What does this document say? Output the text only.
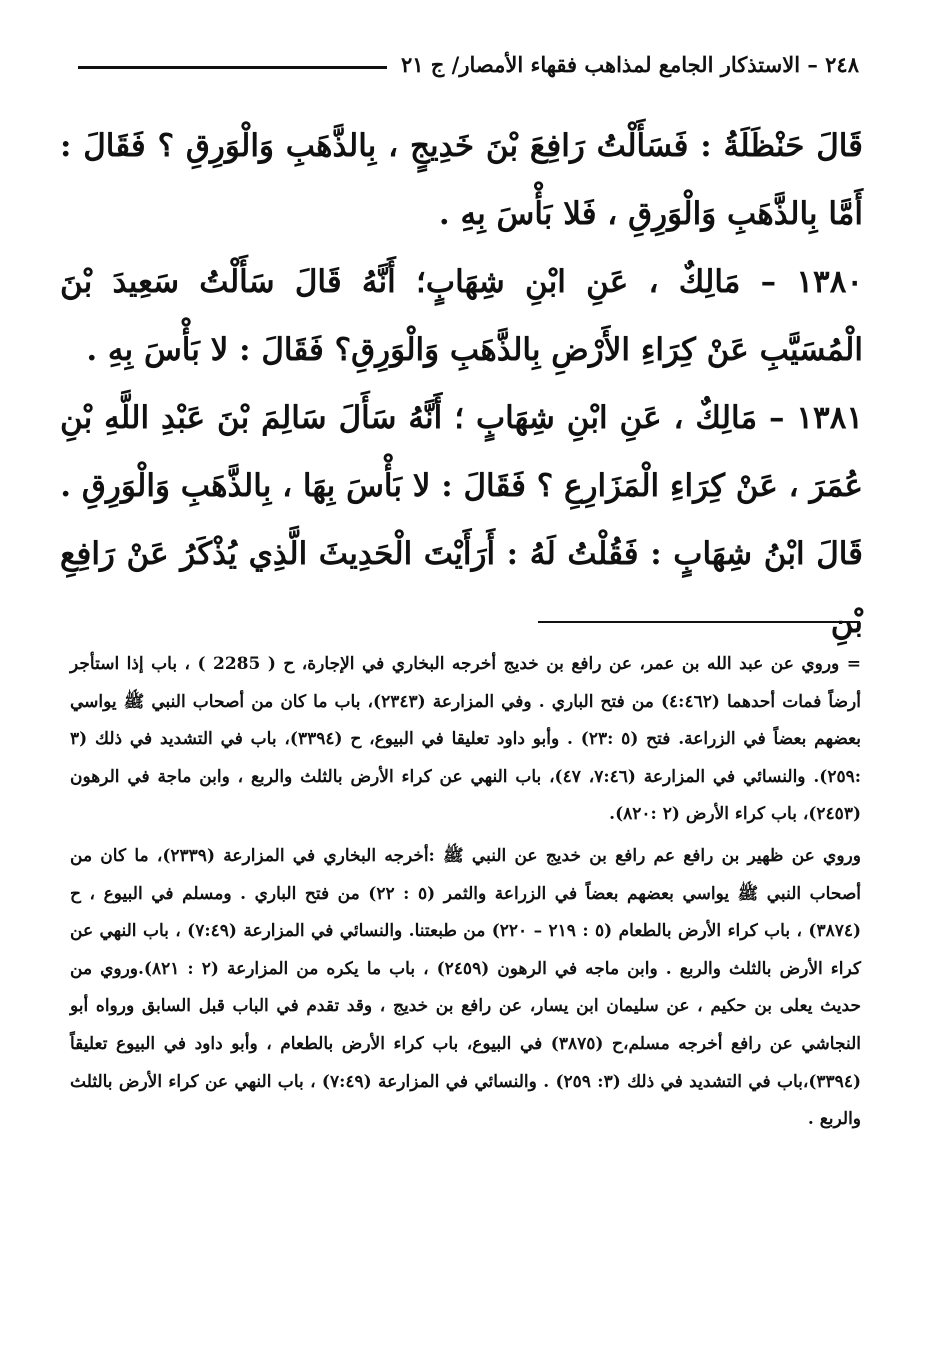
٢٤٨ – الاستذكار الجامع لمذاهب فقهاء الأمصار/ ج ٢١

قَالَ حَنْظَلَةُ : فَسَأَلْتُ رَافِعَ بْنَ خَدِيجٍ ، بِالذَّهَبِ وَالْوَرِقِ ؟ فَقَالَ : أَمَّا بِالذَّهَبِ وَالْوَرِقِ ، فَلا بَأْسَ بِهِ .

١٣٨٠ – مَالِكٌ ، عَنِ ابْنِ شِهَابٍ؛ أَنَّهُ قَالَ سَأَلْتُ سَعِيدَ بْنَ الْمُسَيَّبِ عَنْ كِرَاءِ الأَرْضِ بِالذَّهَبِ وَالْوَرِقِ؟ فَقَالَ : لا بَأْسَ بِهِ .

١٣٨١ – مَالِكٌ ، عَنِ ابْنِ شِهَابٍ ؛ أَنَّهُ سَأَلَ سَالِمَ بْنَ عَبْدِ اللَّهِ بْنِ عُمَرَ ، عَنْ كِرَاءِ الْمَزَارِعِ ؟ فَقَالَ : لا بَأْسَ بِهَا ، بِالذَّهَبِ وَالْوَرِقِ .

قَالَ ابْنُ شِهَابٍ : فَقُلْتُ لَهُ : أَرَأَيْتَ الْحَدِيثَ الَّذِي يُذْكَرُ عَنْ رَافِعِ بْنِ

= وروي عن عبد الله بن عمر، عن رافع بن خديج أخرجه البخاري في الإجارة، ح ( 2285 ) ، باب إذا استأجر أرضاً فمات أحدهما (٤:٤٦٢) من فتح الباري . وفي المزارعة (٢٣٤٣)، باب ما كان من أصحاب النبي ﷺ يواسي بعضهم بعضاً في الزراعة. فتح (٥ :٢٣) . وأبو داود تعليقا في البيوع، ح (٣٣٩٤)، باب في التشديد في ذلك (٣ :٢٥٩). والنسائي في المزارعة (٧:٤٦، ٤٧)، باب النهي عن كراء الأرض بالثلث والربع ، وابن ماجة في الرهون (٢٤٥٣)، باب كراء الأرض (٢ :٨٢٠).

وروي عن ظهير بن رافع عم رافع بن خديج عن النبي ﷺ :أخرجه البخاري في المزارعة (٢٣٣٩)، ما كان من أصحاب النبي ﷺ يواسي بعضهم بعضاً في الزراعة والثمر (٥ : ٢٢) من فتح الباري . ومسلم في البيوع ، ح (٣٨٧٤) ، باب كراء الأرض بالطعام (٥ : ٢١٩ – ٢٢٠) من طبعتنا. والنسائي في المزارعة (٧:٤٩) ، باب النهي عن كراء الأرض بالثلث والربع . وابن ماجه في الرهون (٢٤٥٩) ، باب ما يكره من المزارعة (٢ : ٨٢١).وروي من حديث يعلى بن حكيم ، عن سليمان ابن يسار، عن رافع بن خديج ، وقد تقدم في الباب قبل السابق ورواه أبو النجاشي عن رافع أخرجه مسلم،ح (٣٨٧٥) في البيوع، باب كراء الأرض بالطعام ، وأبو داود في البيوع تعليقاً (٣٣٩٤)،باب في التشديد في ذلك (٣: ٢٥٩) . والنسائي في المزارعة (٧:٤٩) ، باب النهي عن كراء الأرض بالثلث والربع .
